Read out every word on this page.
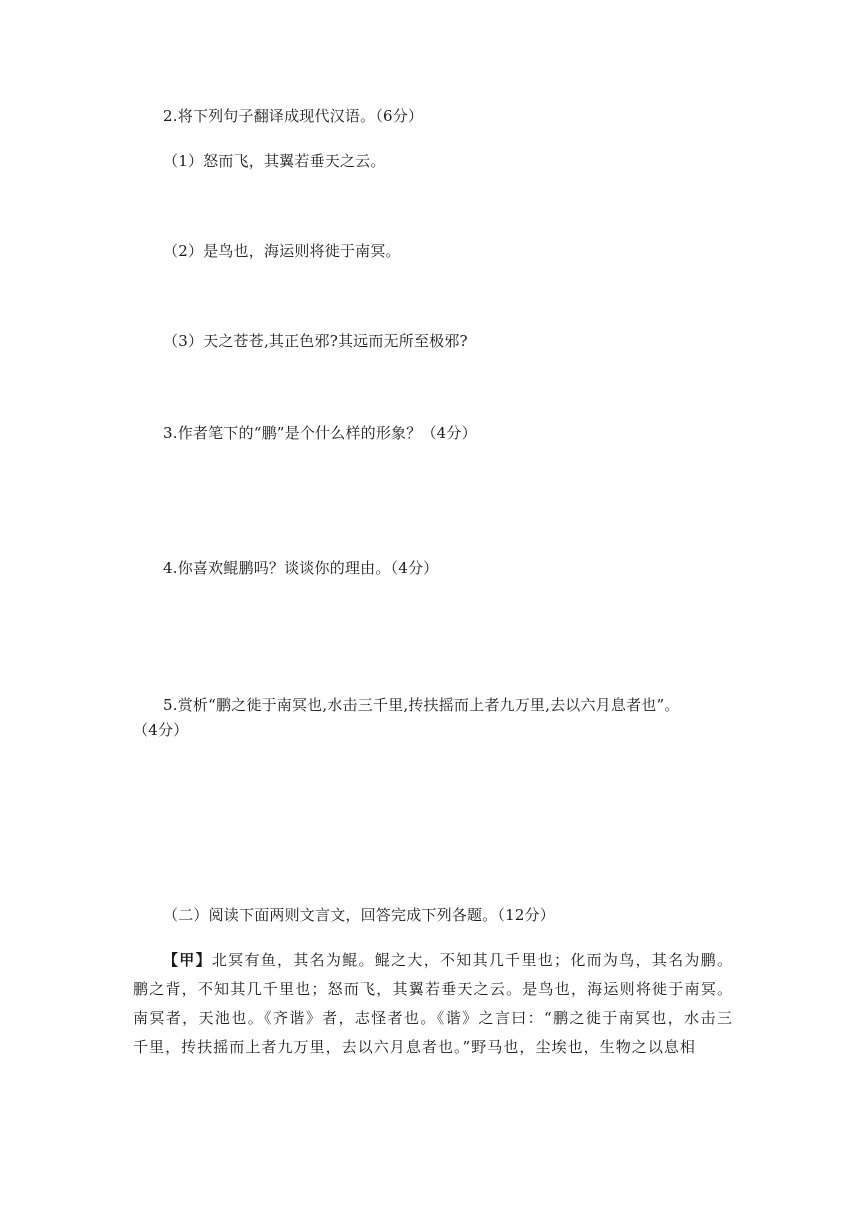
2.将下列句子翻译成现代汉语。（6分）
（1）怒而飞，其翼若垂天之云。
（2）是鸟也，海运则将徙于南冥。
（3）天之苍苍,其正色邪?其远而无所至极邪?
3.作者笔下的“鹏”是个什么样的形象？（4分）
4.你喜欢鲲鹏吗？谈谈你的理由。（4分）
5.赏析“鹏之徙于南冥也,水击三千里,抟扶摇而上者九万里,去以六月息者也”。
（4分）
（二）阅读下面两则文言文，回答完成下列各题。（12分）
【甲】北冥有鱼，其名为鲲。鲲之大，不知其几千里也；化而为鸟，其名为鹏。鹏之背，不知其几千里也；怒而飞，其翼若垂天之云。是鸟也，海运则将徙于南冥。南冥者，天池也。《齐谐》者，志怪者也。《谐》之言曰：“鹏之徙于南冥也，水击三千里，抟扶摇而上者九万里，去以六月息者也。”野马也，尘埃也，生物之以息相
